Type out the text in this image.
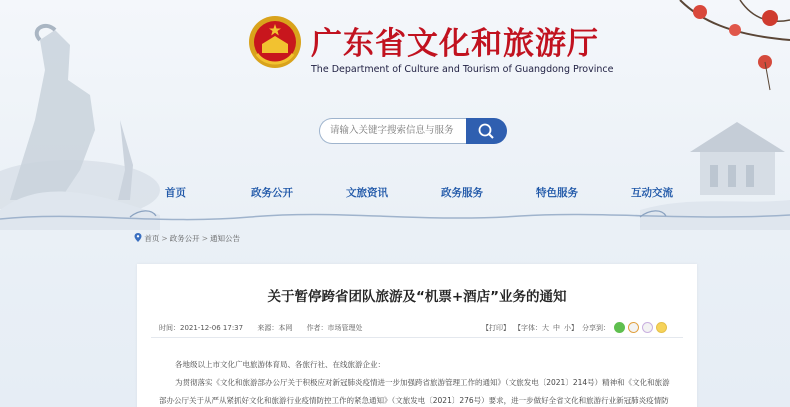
广东省文化和旅游厅
The Department of Culture and Tourism of Guangdong Province
请输入关键字搜索信息与服务
首页	政务公开	文旅资讯	政务服务	特色服务	互动交流
首页 > 政务公开 > 通知公告
关于暂停跨省团队旅游及“机票+酒店”业务的通知
时间：2021-12-06 17:37 来源：本网 作者：市场管理处	【打印】 【字体：大 中 小】 分享到：

各地级以上市文化广电旅游体育局、各旅行社、在线旅游企业：

为贯彻落实《文化和旅游部办公厅关于积极应对新冠肺炎疫情进一步加强跨省旅游管理工作的通知》（文旅发电〔2021〕214号）精神和《文化和旅游

部办公厅关于从严从紧抓好文化和旅游行业疫情防控工作的紧急通知》（文旅发电〔2021〕276号）要求，进一步做好全省文化和旅游行业新冠肺炎疫情防
